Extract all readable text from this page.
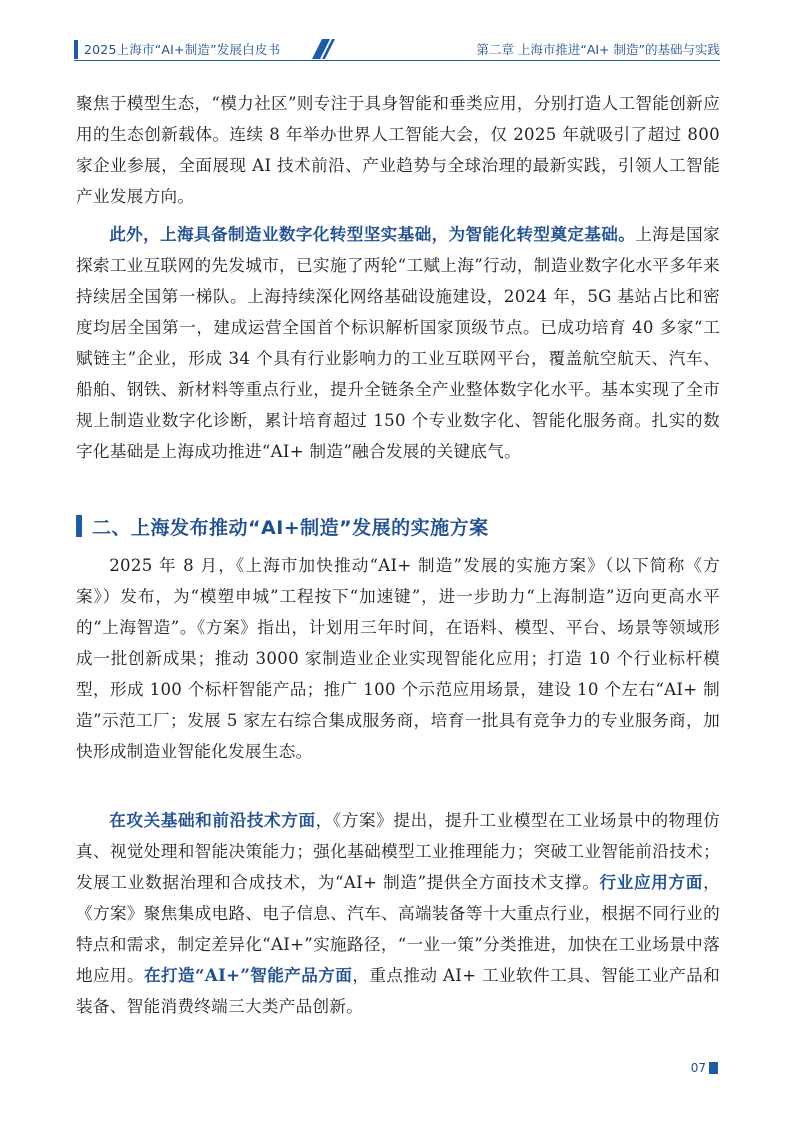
2025上海市“AI+制造”发展白皮书	第二章 上海市推进“AI+ 制造”的基础与实践

聚焦于模型生态，“模力社区”则专注于具身智能和垂类应用，分别打造人工智能创新应用的生态创新载体。连续 8 年举办世界人工智能大会，仅 2025 年就吸引了超过 800 家企业参展，全面展现 AI 技术前沿、产业趋势与全球治理的最新实践，引领人工智能产业发展方向。

此外，上海具备制造业数字化转型坚实基础，为智能化转型奠定基础。上海是国家探索工业互联网的先发城市，已实施了两轮“工赋上海”行动，制造业数字化水平多年来持续居全国第一梯队。上海持续深化网络基础设施建设，2024 年，5G 基站占比和密度均居全国第一，建成运营全国首个标识解析国家顶级节点。已成功培育 40 多家“工赋链主”企业，形成 34 个具有行业影响力的工业互联网平台，覆盖航空航天、汽车、船舶、钢铁、新材料等重点行业，提升全链条全产业整体数字化水平。基本实现了全市规上制造业数字化诊断，累计培育超过 150 个专业数字化、智能化服务商。扎实的数字化基础是上海成功推进“AI+ 制造”融合发展的关键底气。

二、上海发布推动“AI+制造”发展的实施方案

2025 年 8 月，《上海市加快推动“AI+ 制造”发展的实施方案》（以下简称《方案》）发布，为“模塑申城”工程按下“加速键”，进一步助力“上海制造”迈向更高水平的“上海智造”。《方案》指出，计划用三年时间，在语料、模型、平台、场景等领域形成一批创新成果；推动 3000 家制造业企业实现智能化应用；打造 10 个行业标杆模型，形成 100 个标杆智能产品；推广 100 个示范应用场景，建设 10 个左右“AI+ 制造”示范工厂；发展 5 家左右综合集成服务商，培育一批具有竞争力的专业服务商，加快形成制造业智能化发展生态。

在攻关基础和前沿技术方面，《方案》提出，提升工业模型在工业场景中的物理仿真、视觉处理和智能决策能力；强化基础模型工业推理能力；突破工业智能前沿技术；发展工业数据治理和合成技术，为“AI+ 制造”提供全方面技术支撑。行业应用方面，《方案》聚焦集成电路、电子信息、汽车、高端装备等十大重点行业，根据不同行业的特点和需求，制定差异化“AI+”实施路径，“一业一策”分类推进，加快在工业场景中落地应用。在打造“AI+”智能产品方面，重点推动 AI+ 工业软件工具、智能工业产品和装备、智能消费终端三大类产品创新。

07
